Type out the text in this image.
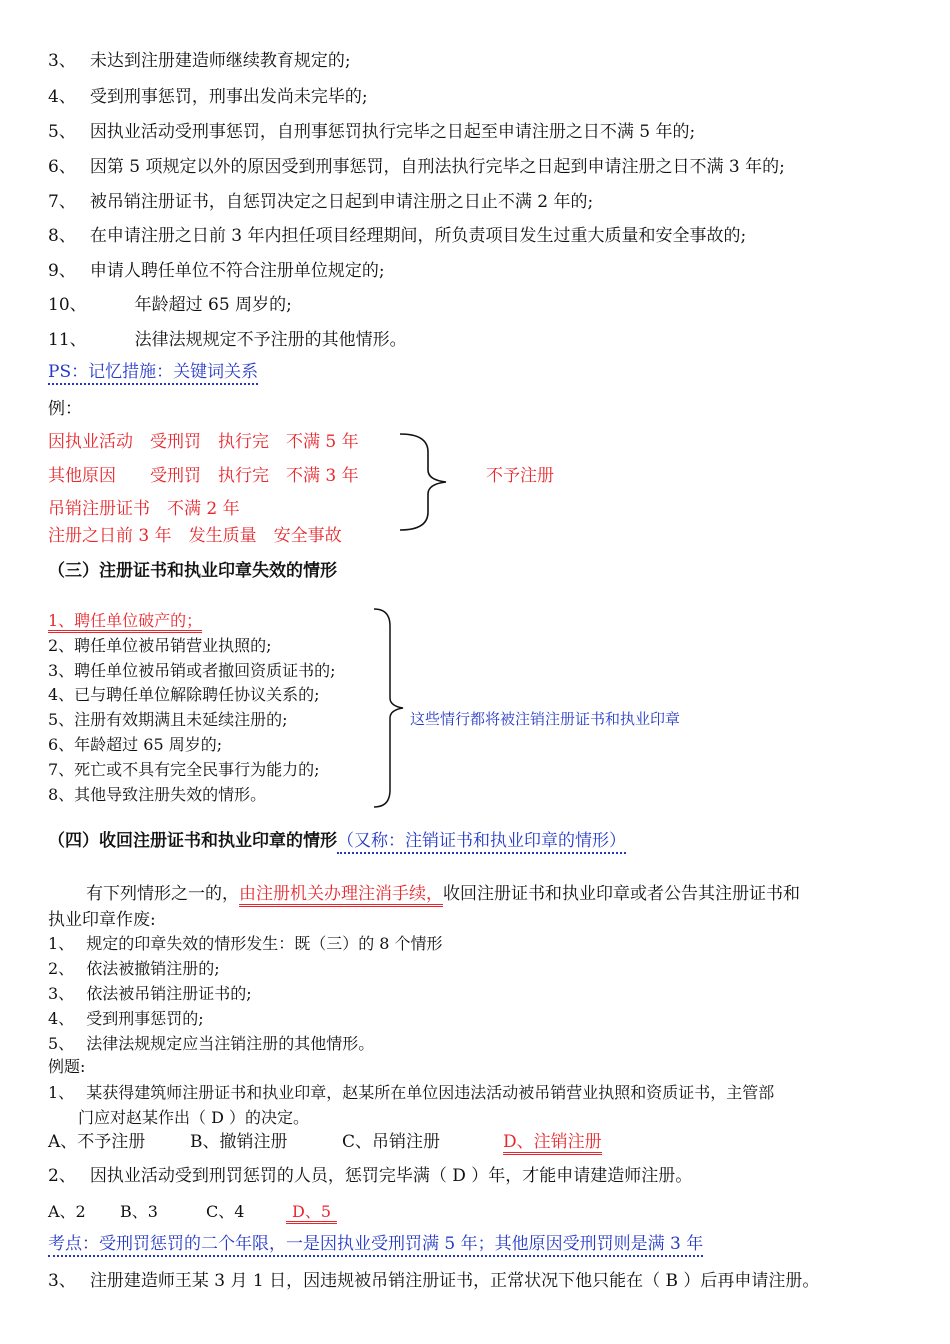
3、 未达到注册建造师继续教育规定的;
4、 受到刑事惩罚，刑事出发尚未完毕的;
5、 因执业活动受刑事惩罚，自刑事惩罚执行完毕之日起至申请注册之日不满 5 年的;
6、 因第 5 项规定以外的原因受到刑事惩罚，自刑法执行完毕之日起到申请注册之日不满 3 年的;
7、 被吊销注册证书，自惩罚决定之日起到申请注册之日止不满 2 年的;
8、 在申请注册之日前 3 年内担任项目经理期间，所负责项目发生过重大质量和安全事故的;
9、 申请人聘任单位不符合注册单位规定的;
10、	年龄超过 65 周岁的;
11、	法律法规规定不予注册的其他情形。
PS：记忆措施：关键词关系
例：
因执业活动　受刑罚　执行完　不满 5 年
其他原因　　受刑罚　执行完　不满 3 年
吊销注册证书　不满 2 年
注册之日前 3 年　发生质量　安全事故
不予注册
（三）注册证书和执业印章失效的情形
1、聘任单位破产的；
2、聘任单位被吊销营业执照的;
3、聘任单位被吊销或者撤回资质证书的;
4、已与聘任单位解除聘任协议关系的;
5、注册有效期满且未延续注册的;
6、年龄超过 65 周岁的;
7、死亡或不具有完全民事行为能力的;
8、其他导致注册失效的情形。
这些情行都将被注销注册证书和执业印章
（四）收回注册证书和执业印章的情形（又称：注销证书和执业印章的情形）
有下列情形之一的，由注册机关办理注消手续，收回注册证书和执业印章或者公告其注册证书和
执业印章作废:
1、 规定的印章失效的情形发生：既（三）的 8 个情形
2、 依法被撤销注册的;
3、 依法被吊销注册证书的;
4、 受到刑事惩罚的;
5、 法律法规规定应当注销注册的其他情形。
例题:
1、 某获得建筑师注册证书和执业印章，赵某所在单位因违法活动被吊销营业执照和资质证书，主管部
门应对赵某作出（ D ）的决定。
A、不予注册	B、撤销注册	C、吊销注册	D、注销注册
2、 因执业活动受到刑罚惩罚的人员，惩罚完毕满（ D ）年，才能申请建造师注册。
A、2 B、3	C、4	D、5
考点：受刑罚惩罚的二个年限，一是因执业受刑罚满 5 年；其他原因受刑罚则是满 3 年
3、 注册建造师王某 3 月 1 日，因违规被吊销注册证书，正常状况下他只能在（ B ）后再申请注册。
